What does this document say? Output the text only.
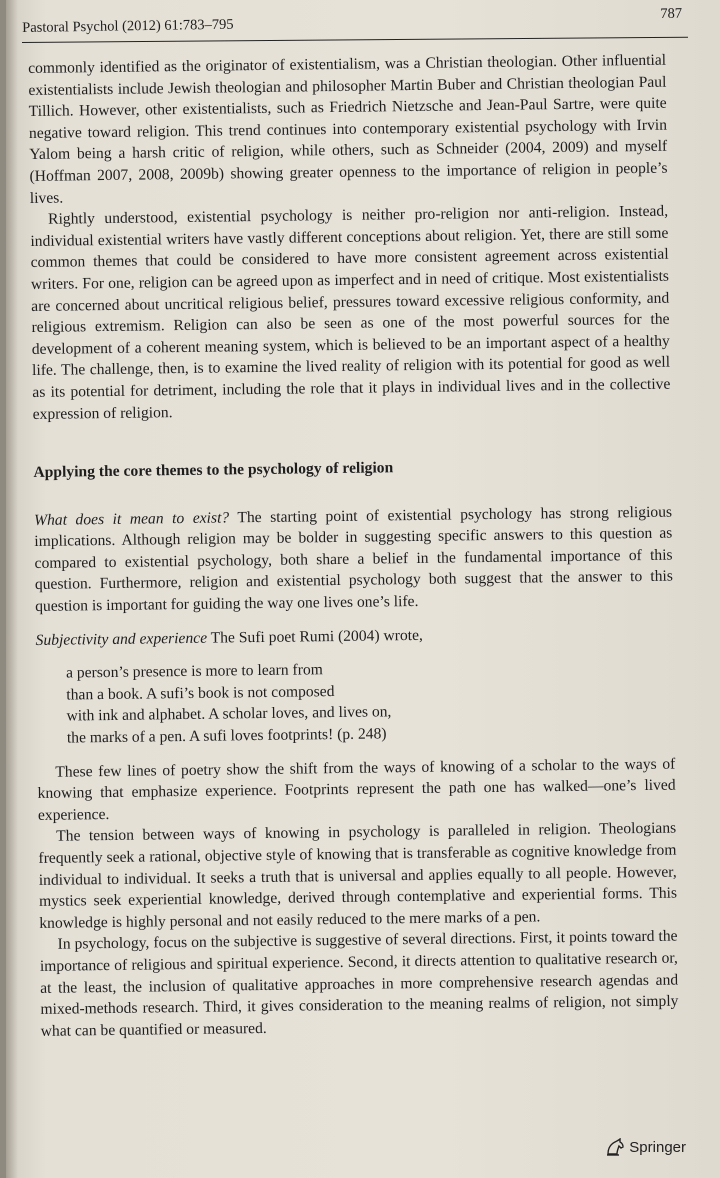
Pastoral Psychol (2012) 61:783–795
787

commonly identified as the originator of existentialism, was a Christian theologian. Other influential existentialists include Jewish theologian and philosopher Martin Buber and Christian theologian Paul Tillich. However, other existentialists, such as Friedrich Nietzsche and Jean-Paul Sartre, were quite negative toward religion. This trend continues into contemporary existential psychology with Irvin Yalom being a harsh critic of religion, while others, such as Schneider (2004, 2009) and myself (Hoffman 2007, 2008, 2009b) showing greater openness to the importance of religion in people’s lives.

Rightly understood, existential psychology is neither pro-religion nor anti-religion. Instead, individual existential writers have vastly different conceptions about religion. Yet, there are still some common themes that could be considered to have more consistent agreement across existential writers. For one, religion can be agreed upon as imperfect and in need of critique. Most existentialists are concerned about uncritical religious belief, pressures toward excessive religious conformity, and religious extremism. Religion can also be seen as one of the most powerful sources for the development of a coherent meaning system, which is believed to be an important aspect of a healthy life. The challenge, then, is to examine the lived reality of religion with its potential for good as well as its potential for detriment, including the role that it plays in individual lives and in the collective expression of religion.

Applying the core themes to the psychology of religion

What does it mean to exist? The starting point of existential psychology has strong religious implications. Although religion may be bolder in suggesting specific answers to this question as compared to existential psychology, both share a belief in the fundamental importance of this question. Furthermore, religion and existential psychology both suggest that the answer to this question is important for guiding the way one lives one’s life.

Subjectivity and experience The Sufi poet Rumi (2004) wrote,

a person’s presence is more to learn from
than a book. A sufi’s book is not composed
with ink and alphabet. A scholar loves, and lives on,
the marks of a pen. A sufi loves footprints! (p. 248)

These few lines of poetry show the shift from the ways of knowing of a scholar to the ways of knowing that emphasize experience. Footprints represent the path one has walked—one’s lived experience.

The tension between ways of knowing in psychology is paralleled in religion. Theologians frequently seek a rational, objective style of knowing that is transferable as cognitive knowledge from individual to individual. It seeks a truth that is universal and applies equally to all people. However, mystics seek experiential knowledge, derived through contemplative and experiential forms. This knowledge is highly personal and not easily reduced to the mere marks of a pen.

In psychology, focus on the subjective is suggestive of several directions. First, it points toward the importance of religious and spiritual experience. Second, it directs attention to qualitative research or, at the least, the inclusion of qualitative approaches in more comprehensive research agendas and mixed-methods research. Third, it gives consideration to the meaning realms of religion, not simply what can be quantified or measured.

Springer
